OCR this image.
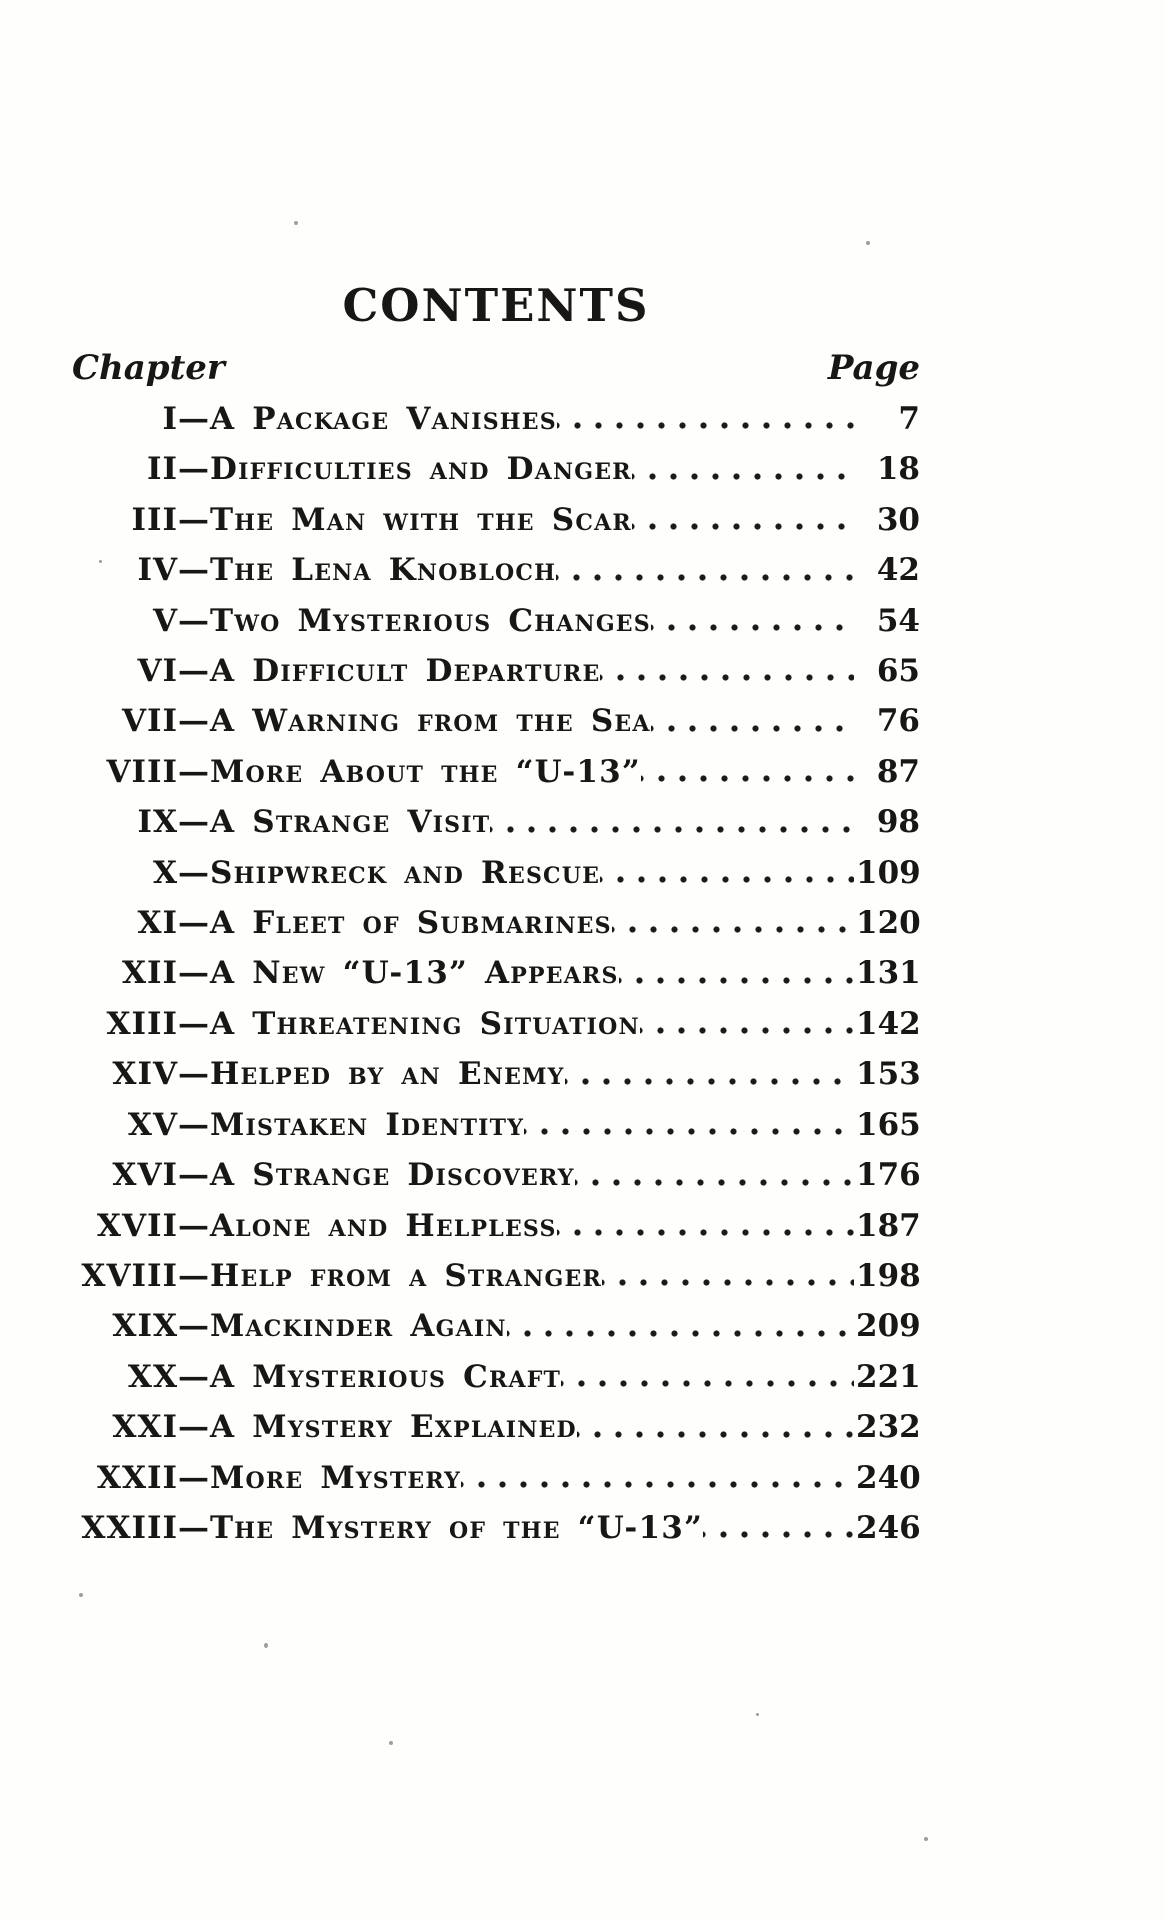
CONTENTS
Chapter	Page
I— A Package Vanishes	7
II— Difficulties and Danger	18
III— The Man with the Scar	30
IV— The Lena Knobloch	42
V— Two Mysterious Changes	54
VI— A Difficult Departure	65
VII— A Warning from the Sea	76
VIII— More About the “U-13”	87
IX— A Strange Visit	98
X— Shipwreck and Rescue	109
XI— A Fleet of Submarines	120
XII— A New “U-13” Appears	131
XIII— A Threatening Situation	142
XIV— Helped by an Enemy	153
XV— Mistaken Identity	165
XVI— A Strange Discovery	176
XVII— Alone and Helpless	187
XVIII— Help from a Stranger	198
XIX— Mackinder Again	209
XX— A Mysterious Craft	221
XXI— A Mystery Explained	232
XXII— More Mystery	240
XXIII— The Mystery of the “U-13”	246
